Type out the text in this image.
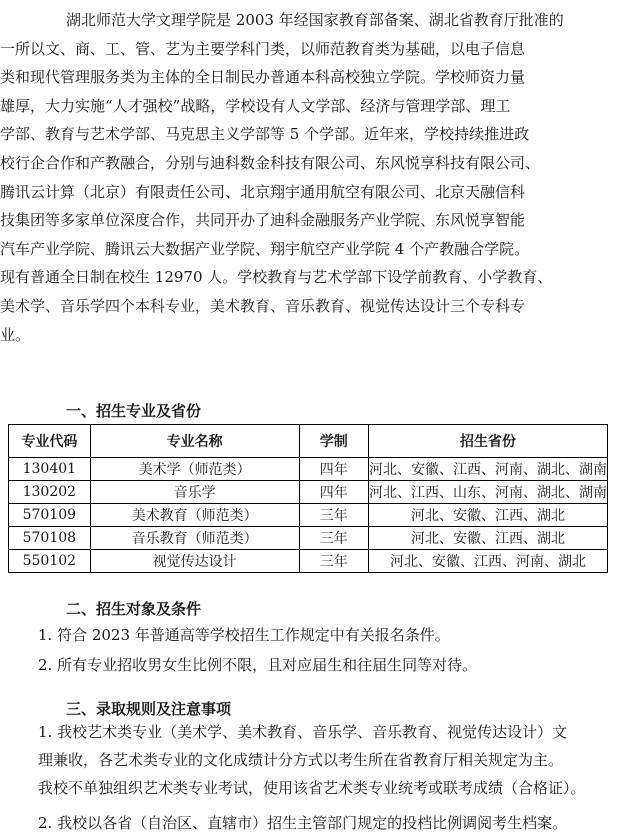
湖北师范大学文理学院是 2003 年经国家教育部备案、湖北省教育厅批准的
一所以文、商、工、管、艺为主要学科门类，以师范教育类为基础，以电子信息
类和现代管理服务类为主体的全日制民办普通本科高校独立学院。学校师资力量
雄厚，大力实施“人才强校”战略，学校设有人文学部、经济与管理学部、理工
学部、教育与艺术学部、马克思主义学部等 5 个学部。近年来，学校持续推进政
校行企合作和产教融合，分别与迪科数金科技有限公司、东风悦享科技有限公司、
腾讯云计算（北京）有限责任公司、北京翔宇通用航空有限公司、北京天融信科
技集团等多家单位深度合作，共同开办了迪科金融服务产业学院、东风悦享智能
汽车产业学院、腾讯云大数据产业学院、翔宇航空产业学院 4 个产教融合学院。
现有普通全日制在校生 12970 人。学校教育与艺术学部下设学前教育、小学教育、
美术学、音乐学四个本科专业，美术教育、音乐教育、视觉传达设计三个专科专
业。
一、招生专业及省份
专业代码	专业名称	学制	招生省份
130401	美术学（师范类）	四年	河北、安徽、江西、河南、湖北、湖南
130202	音乐学	四年	河北、江西、山东、河南、湖北、湖南
570109	美术教育（师范类）	三年	河北、安徽、江西、湖北
570108	音乐教育（师范类）	三年	河北、安徽、江西、湖北
550102	视觉传达设计	三年	河北、安徽、江西、河南、湖北
二、招生对象及条件
1. 符合 2023 年普通高等学校招生工作规定中有关报名条件。
2. 所有专业招收男女生比例不限，且对应届生和往届生同等对待。
三、录取规则及注意事项
1. 我校艺术类专业（美术学、美术教育、音乐学、音乐教育、视觉传达设计）文
理兼收，各艺术类专业的文化成绩计分方式以考生所在省教育厅相关规定为主。
我校不单独组织艺术类专业考试，使用该省艺术类专业统考或联考成绩（合格证）。
2. 我校以各省（自治区、直辖市）招生主管部门规定的投档比例调阅考生档案。
